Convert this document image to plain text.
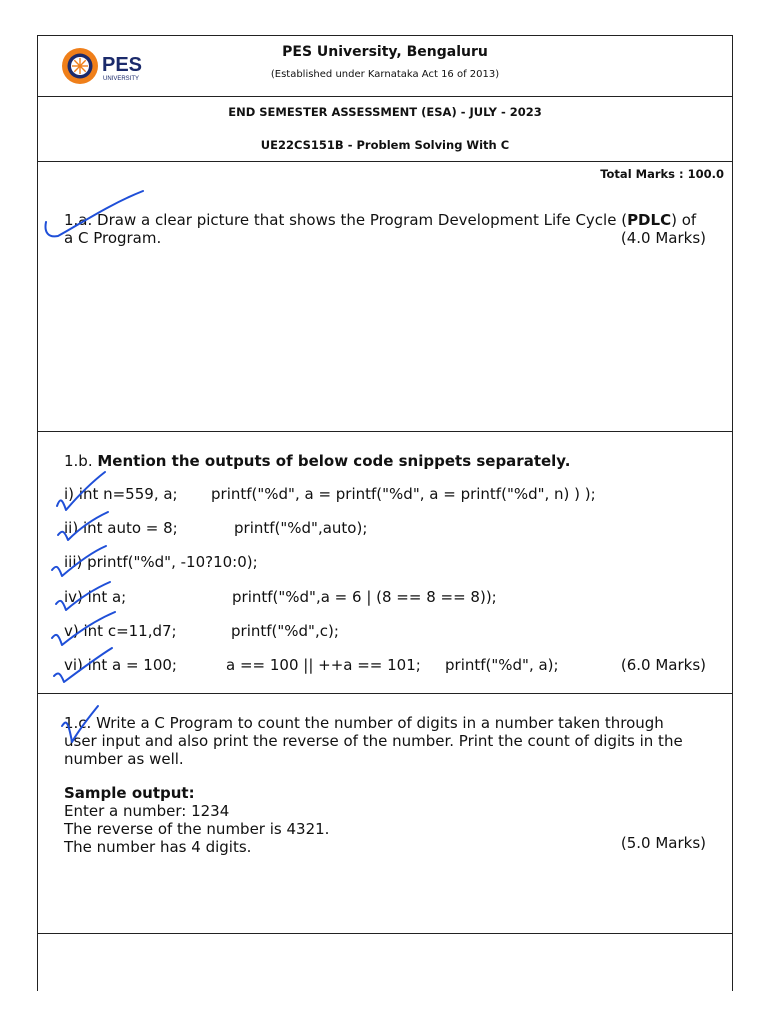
PES
UNIVERSITY
PES University, Bengaluru
(Established under Karnataka Act 16 of 2013)
END SEMESTER ASSESSMENT (ESA) - JULY - 2023
UE22CS151B - Problem Solving With C
Total Marks : 100.0
1.a. Draw a clear picture that shows the Program Development Life Cycle (PDLC) of
a C Program.	(4.0 Marks)
1.b. Mention the outputs of below code snippets separately.
i) int n=559, a; printf("%d", a = printf("%d", a = printf("%d", n) ) );
ii) int auto = 8;	printf("%d",auto);
iii) printf("%d", -10?10:0);
iv) int a;	printf("%d",a = 6 | (8 == 8 == 8));
v) int c=11,d7;	printf("%d",c);
vi) int a = 100;	a == 100 || ++a == 101; printf("%d", a);	(6.0 Marks)
1.c. Write a C Program to count the number of digits in a number taken through
user input and also print the reverse of the number. Print the count of digits in the
number as well.
Sample output:
Enter a number: 1234
The reverse of the number is 4321.
The number has 4 digits.	(5.0 Marks)
